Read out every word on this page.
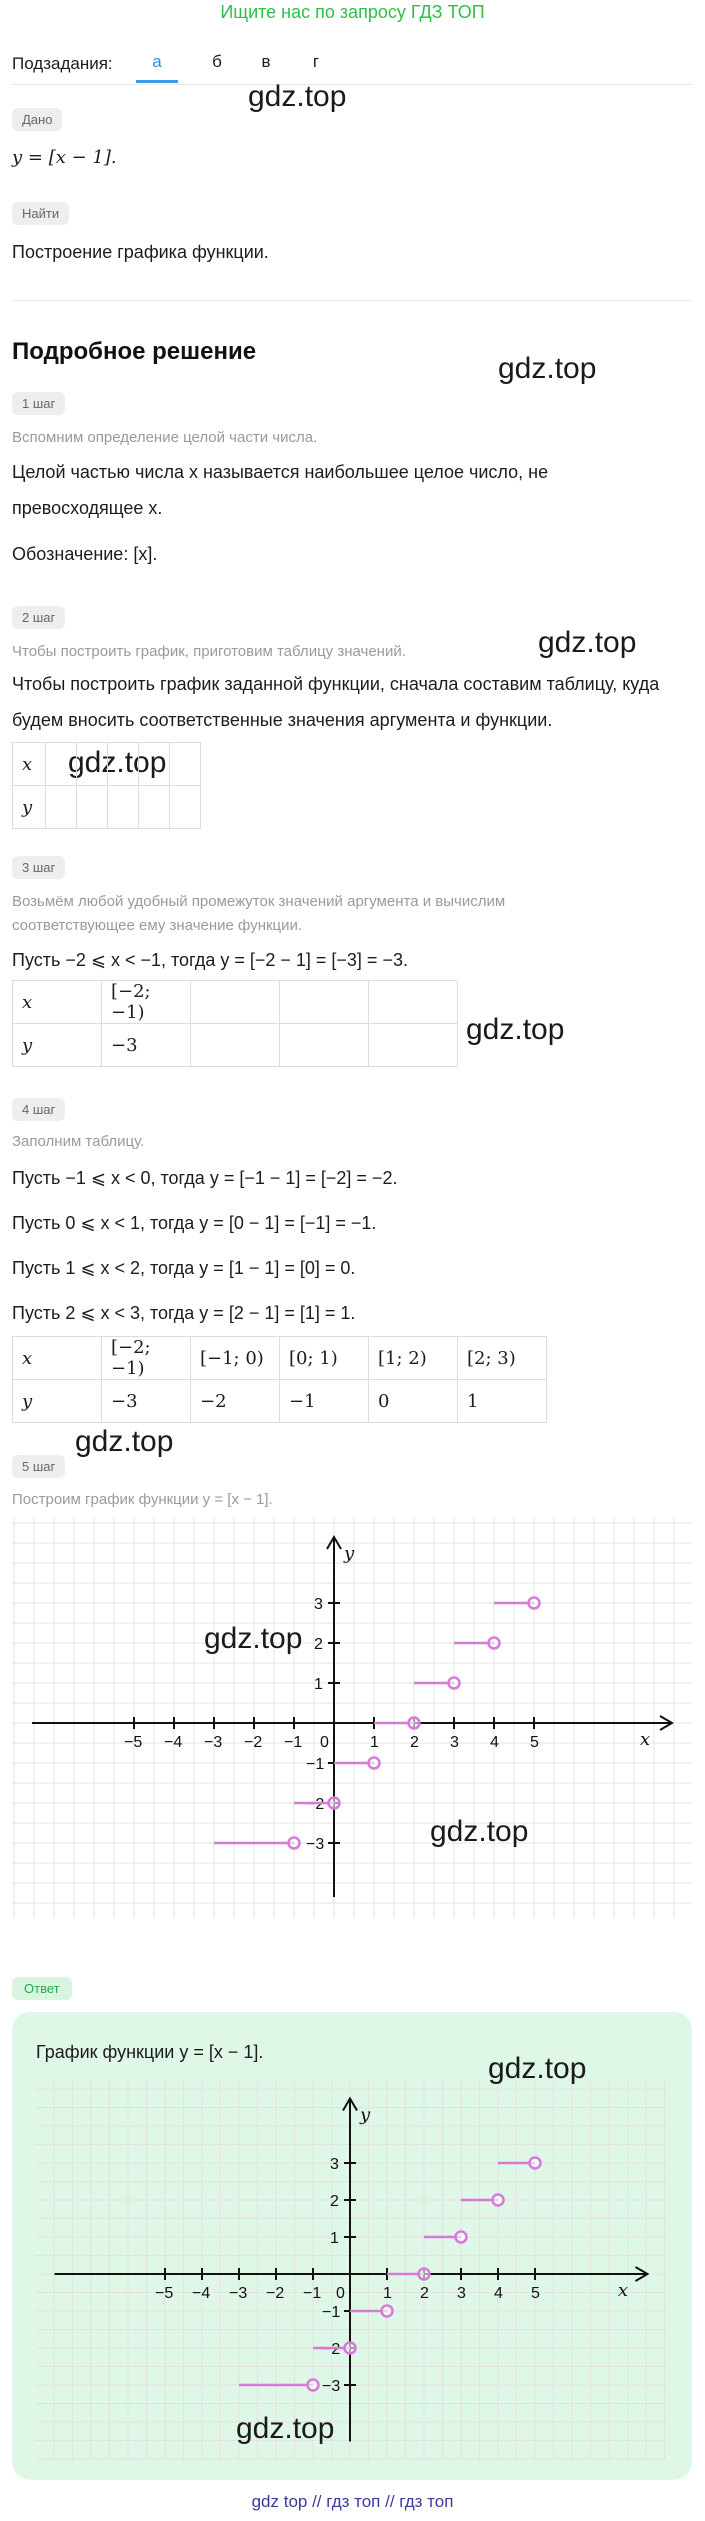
Ищите нас по запросу ГДЗ ТОП
Подзадания:	а	б	в	г
gdz.top
gdz.top
gdz.top
gdz.top
gdz.top
gdz.top
Дано
y = [x − 1].
Найти
Построение графика функции.
Подробное решение
1 шаг
Вспомним определение целой части числа.
Целой частью числа x называется наибольшее целое число, не
превосходящее x.
Обозначение: [x].
2 шаг
Чтобы построить график, приготовим таблицу значений.
Чтобы построить график заданной функции, сначала составим таблицу, куда
будем вносить соответственные значения аргумента и функции.
x					
y					
3 шаг
Возьмём любой удобный промежуток значений аргумента и вычислим
соответствующее ему значение функции.
Пусть −2 ⩽ x < −1, тогда y = [−2 − 1] = [−3] = −3.
x	[−2; −1)			
y	−3			
4 шаг
Заполним таблицу.
Пусть −1 ⩽ x < 0, тогда y = [−1 − 1] = [−2] = −2.
Пусть 0 ⩽ x < 1, тогда y = [0 − 1] = [−1] = −1.
Пусть 1 ⩽ x < 2, тогда y = [1 − 1] = [0] = 0.
Пусть 2 ⩽ x < 3, тогда y = [2 − 1] = [1] = 1.
x	[−2; −1)	[−1; 0)	[0; 1)	[1; 2)	[2; 3)
y	−3	−2	−1	0	1
5 шаг
Построим график функции y = [x − 1].
x
y
−5 −4 −3 −2 −1 0	1 2 3 4 5
−3
−2
−1
1
2
3
gdz.top
gdz.top
Ответ
График функции y = [x − 1].
x
y
−5 −4 −3 −2 −1 0 1 2 3 4 5
−3
−2
−1
1
2
3
gdz.top
gdz.top
gdz top // гдз топ // гдз топ
